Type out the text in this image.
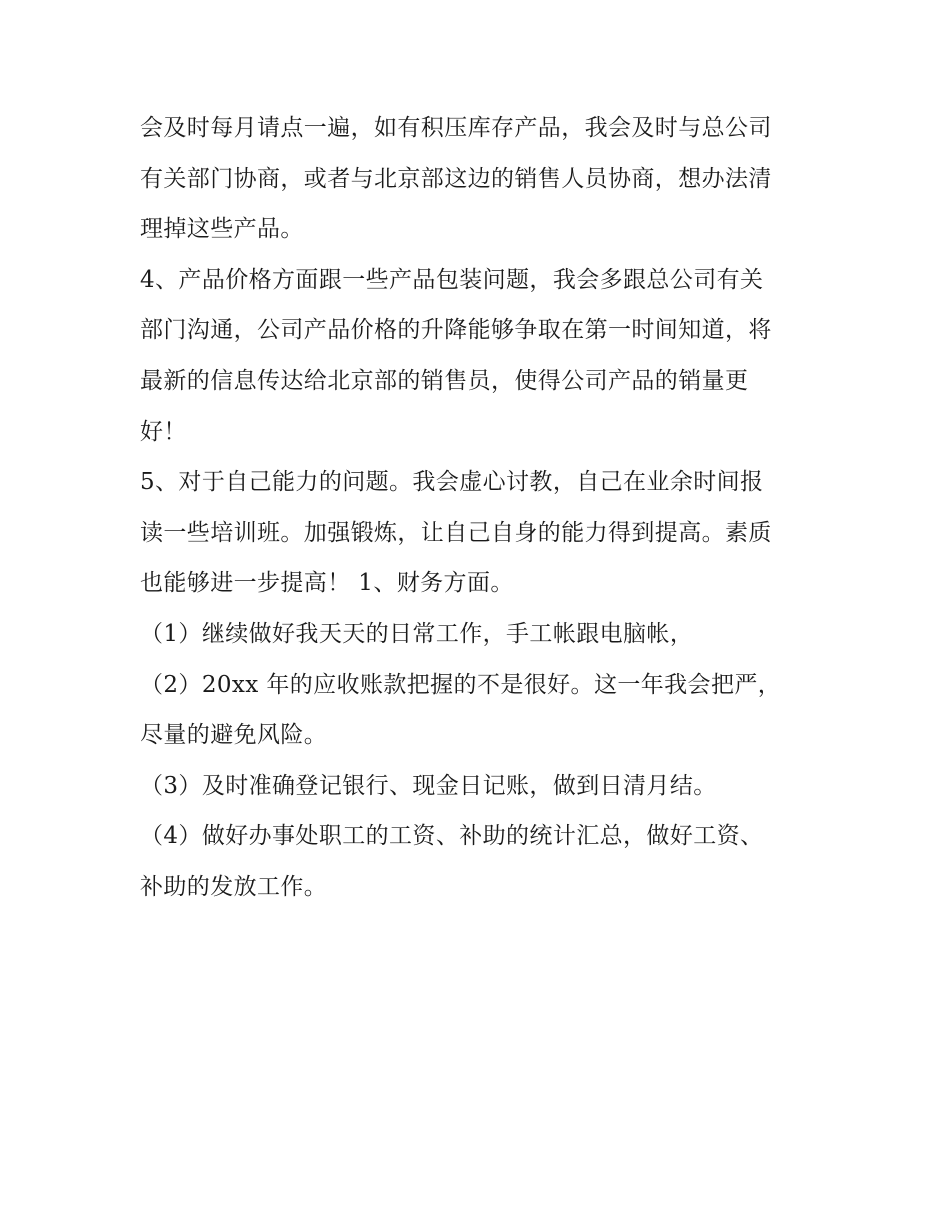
会及时每月请点一遍，如有积压库存产品，我会及时与总公司
有关部门协商，或者与北京部这边的销售人员协商，想办法清
理掉这些产品。
4、产品价格方面跟一些产品包装问题，我会多跟总公司有关
部门沟通，公司产品价格的升降能够争取在第一时间知道，将
最新的信息传达给北京部的销售员，使得公司产品的销量更
好！
5、对于自己能力的问题。我会虚心讨教，自己在业余时间报
读一些培训班。加强锻炼，让自己自身的能力得到提高。素质
也能够进一步提高！ 1、财务方面。
（1）继续做好我天天的日常工作，手工帐跟电脑帐，
（2）20xx 年的应收账款把握的不是很好。这一年我会把严，
尽量的避免风险。
（3）及时准确登记银行、现金日记账，做到日清月结。
（4）做好办事处职工的工资、补助的统计汇总，做好工资、
补助的发放工作。
